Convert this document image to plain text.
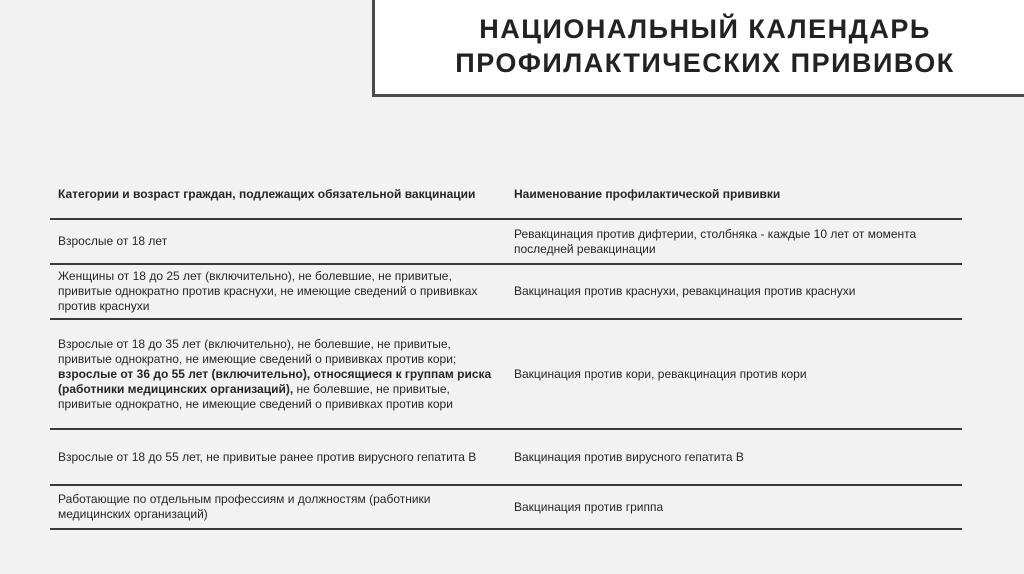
НАЦИОНАЛЬНЫЙ КАЛЕНДАРЬ
ПРОФИЛАКТИЧЕСКИХ ПРИВИВОК
Категории и возраст граждан, подлежащих обязательной вакцинации	Наименование профилактической прививки
Взрослые от 18 лет	Ревакцинация против дифтерии, столбняка - каждые 10 лет от момента последней ревакцинации
Женщины от 18 до 25 лет (включительно), не болевшие, не привитые, привитые однократно против краснухи, не имеющие сведений о прививках против краснухи	Вакцинация против краснухи, ревакцинация против краснухи
Взрослые от 18 до 35 лет (включительно), не болевшие, не привитые, привитые однократно, не имеющие сведений о прививках против кори; взрослые от 36 до 55 лет (включительно), относящиеся к группам риска (работники медицинских организаций), не болевшие, не привитые, привитые однократно, не имеющие сведений о прививках против кори	Вакцинация против кори, ревакцинация против кори
Взрослые от 18 до 55 лет, не привитые ранее против вирусного гепатита В	Вакцинация против вирусного гепатита В
Работающие по отдельным профессиям и должностям (работники медицинских организаций)	Вакцинация против гриппа
